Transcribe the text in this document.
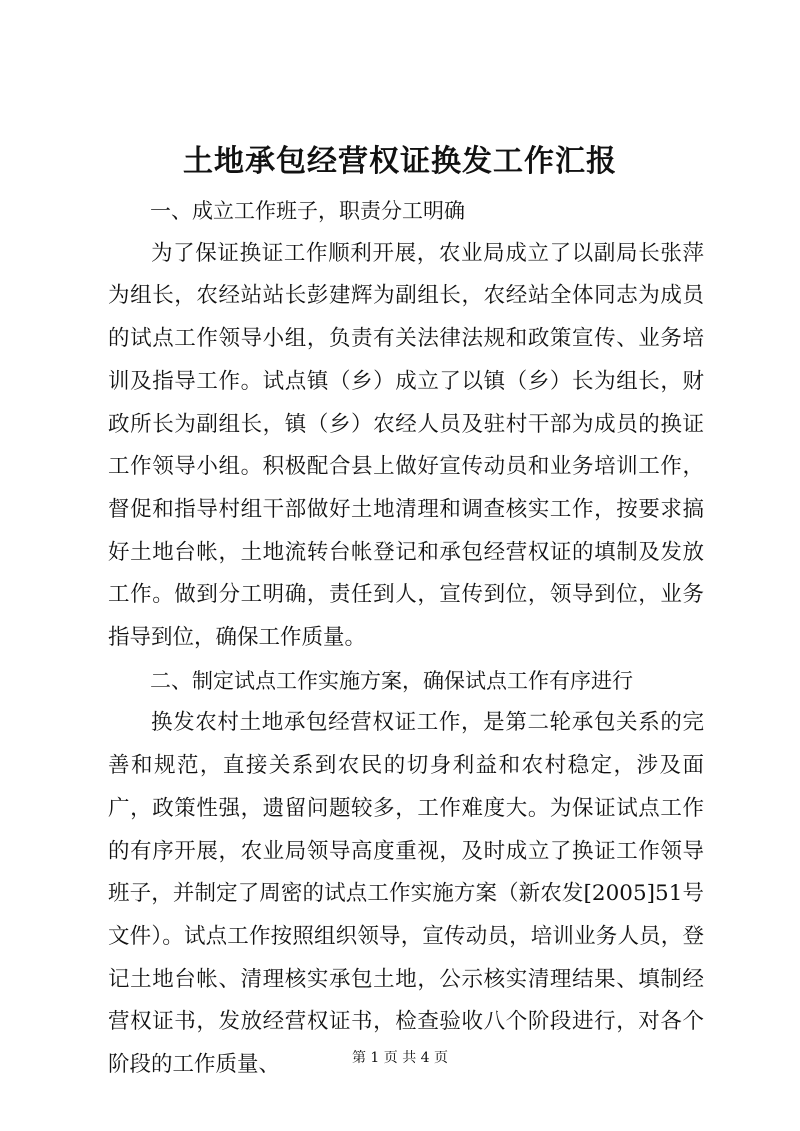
土地承包经营权证换发工作汇报

一、成立工作班子，职责分工明确

为了保证换证工作顺利开展，农业局成立了以副局长张萍为组长，农经站站长彭建辉为副组长，农经站全体同志为成员的试点工作领导小组，负责有关法律法规和政策宣传、业务培训及指导工作。试点镇（乡）成立了以镇（乡）长为组长，财政所长为副组长，镇（乡）农经人员及驻村干部为成员的换证工作领导小组。积极配合县上做好宣传动员和业务培训工作，督促和指导村组干部做好土地清理和调查核实工作，按要求搞好土地台帐，土地流转台帐登记和承包经营权证的填制及发放工作。做到分工明确，责任到人，宣传到位，领导到位，业务指导到位，确保工作质量。

二、制定试点工作实施方案，确保试点工作有序进行

换发农村土地承包经营权证工作，是第二轮承包关系的完善和规范，直接关系到农民的切身利益和农村稳定，涉及面广，政策性强，遗留问题较多，工作难度大。为保证试点工作的有序开展，农业局领导高度重视，及时成立了换证工作领导班子，并制定了周密的试点工作实施方案（新农发[2005]51号文件）。试点工作按照组织领导，宣传动员，培训业务人员，登记土地台帐、清理核实承包土地，公示核实清理结果、填制经营权证书，发放经营权证书，检查验收八个阶段进行，对各个阶段的工作质量、	第 1 页 共 4 页
